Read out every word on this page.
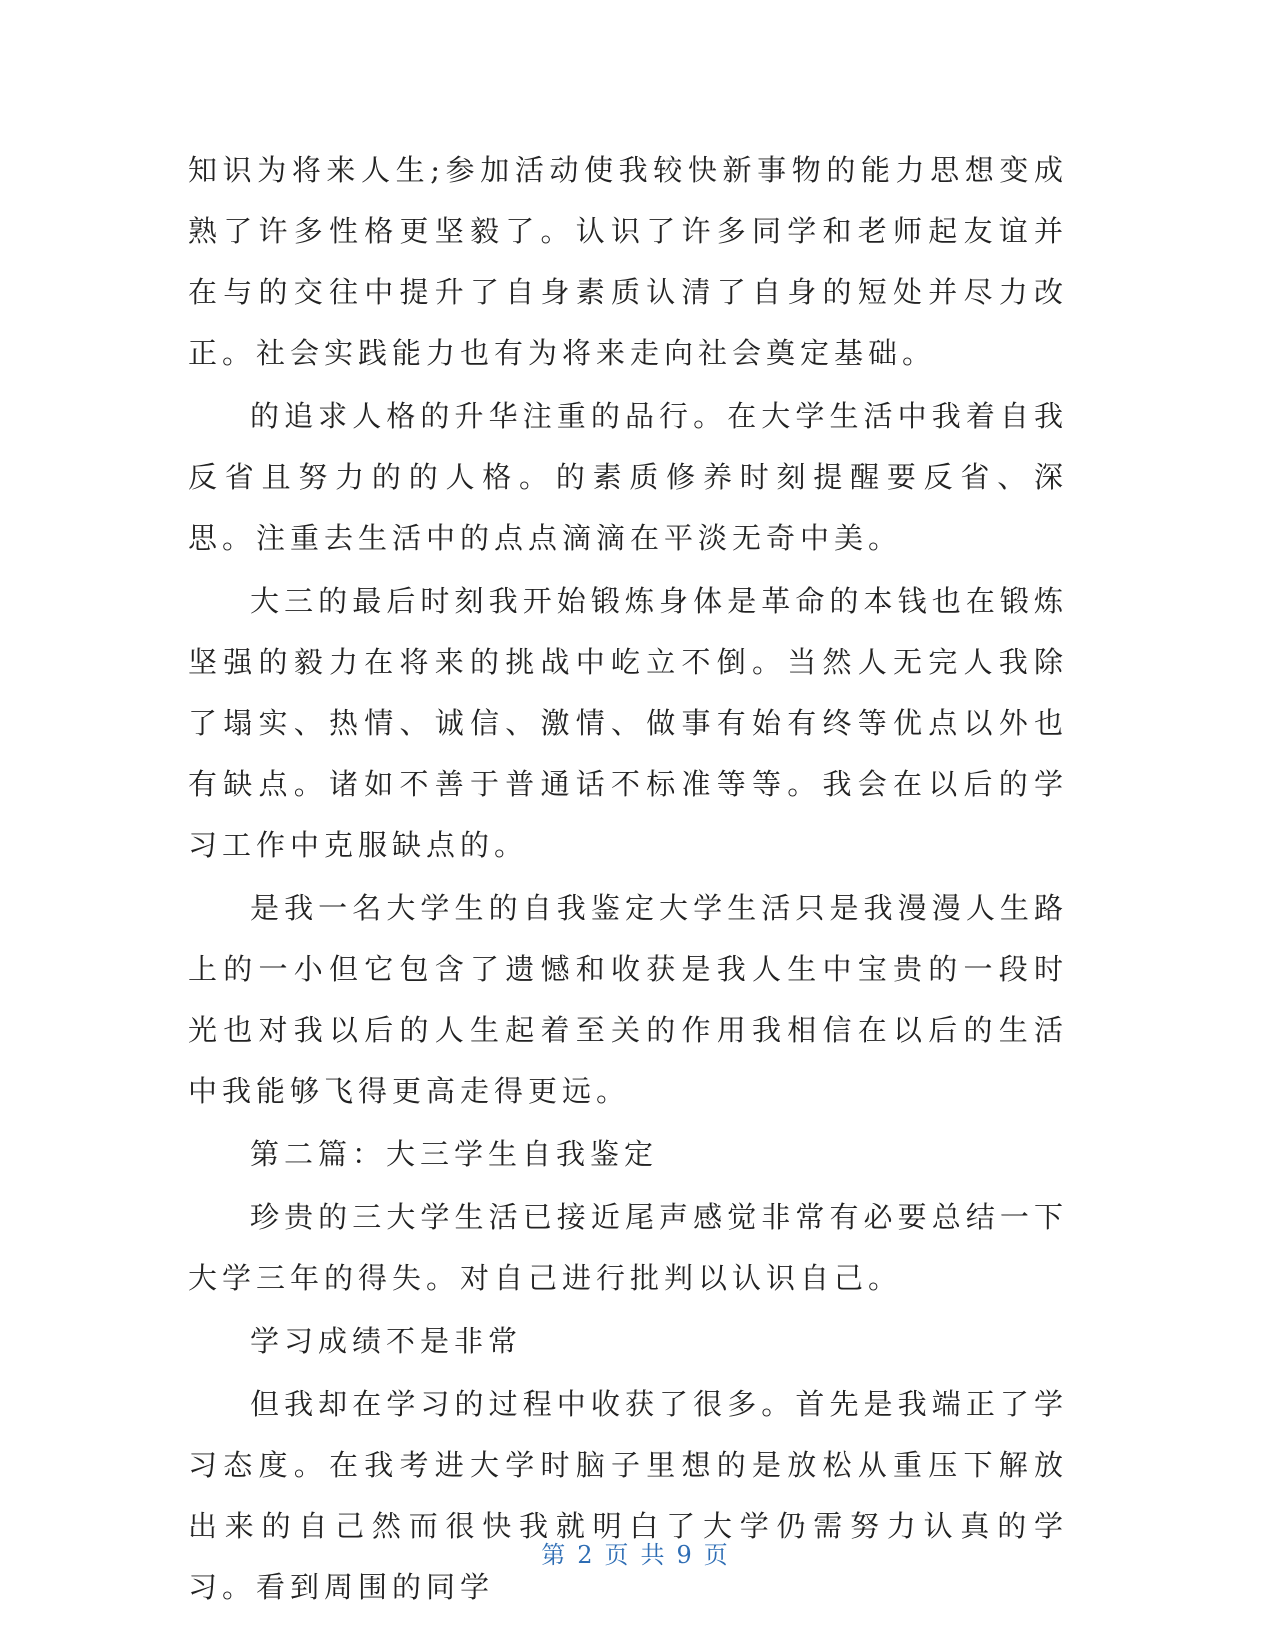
知识为将来人生;参加活动使我较快新事物的能力思想变成熟了许多性格更坚毅了。认识了许多同学和老师起友谊并在与的交往中提升了自身素质认清了自身的短处并尽力改正。社会实践能力也有为将来走向社会奠定基础。

的追求人格的升华注重的品行。在大学生活中我着自我反省且努力的的人格。的素质修养时刻提醒要反省、深思。注重去生活中的点点滴滴在平淡无奇中美。

大三的最后时刻我开始锻炼身体是革命的本钱也在锻炼坚强的毅力在将来的挑战中屹立不倒。当然人无完人我除了塌实、热情、诚信、激情、做事有始有终等优点以外也有缺点。诸如不善于普通话不标准等等。我会在以后的学习工作中克服缺点的。

是我一名大学生的自我鉴定大学生活只是我漫漫人生路上的一小但它包含了遗憾和收获是我人生中宝贵的一段时光也对我以后的人生起着至关的作用我相信在以后的生活中我能够飞得更高走得更远。

第二篇：大三学生自我鉴定

珍贵的三大学生活已接近尾声感觉非常有必要总结一下大学三年的得失。对自己进行批判以认识自己。

学习成绩不是非常

但我却在学习的过程中收获了很多。首先是我端正了学习态度。在我考进大学时脑子里想的是放松从重压下解放出来的自己然而很快我就明白了大学仍需努力认真的学习。看到周围的同学

第 2 页 共 9 页
